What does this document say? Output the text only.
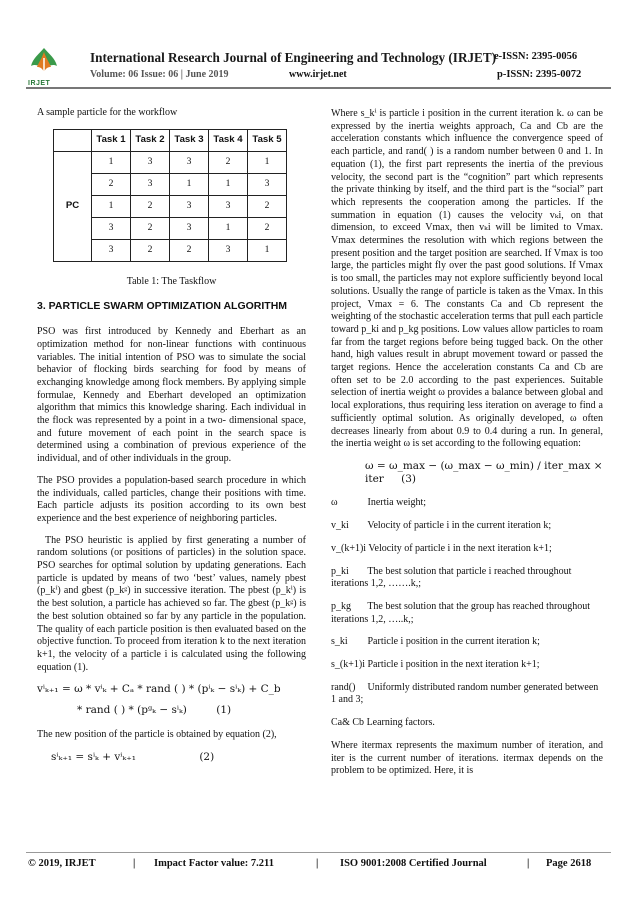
IRJET
International Research Journal of Engineering and Technology (IRJET)
e-ISSN: 2395-0056
Volume: 06 Issue: 06 | June 2019	www.irjet.net	p-ISSN: 2395-0072

A sample particle for the workflow

	Task 1	Task 2	Task 3	Task 4	Task 5
PC	1	3	3	2	1
	2	3	1	1	3
	1	2	3	3	2
	3	2	3	1	2
	3	2	2	3	1
Table 1: The Taskflow
3. PARTICLE SWARM OPTIMIZATION ALGORITHM

PSO was first introduced by Kennedy and Eberhart as an optimization method for non-linear functions with continuous variables. The initial intention of PSO was to simulate the social behavior of flocking birds searching for food by means of exchanging knowledge among flock members. By applying simple formulae, Kennedy and Eberhart developed an optimization algorithm that mimics this knowledge sharing. Each individual in the flock was represented by a point in a two- dimensional space, and future movement of each point in the search space is determined using a combination of previous experience of the individual, and of other individuals in the group.

The PSO provides a population-based search procedure in which the individuals, called particles, change their positions with time. Each particle adjusts its position according to its own best experience and the best experience of neighboring particles.

The PSO heuristic is applied by first generating a number of random solutions (or positions of particles) in the solution space. PSO searches for optimal solution by updating generations. Each particle is updated by means of two ‘best’ values, namely pbest (p_kⁱ) and gbest (p_kᵍ) in successive iteration. The pbest (p_kⁱ) is the best solution, a particle has achieved so far. The gbest (p_kᵍ) is the best solution obtained so far by any particle in the population. The quality of each particle position is then evaluated based on the objective function. To proceed from iteration k to the next iteration k+1, the velocity of a particle i is calculated using the following equation (1).

vⁱₖ₊₁ = ω * vⁱₖ + Cₐ * rand ( ) * (pⁱₖ − sⁱₖ) + C_b
* rand ( ) * (pᵍₖ − sⁱₖ)	(1)

The new position of the particle is obtained by equation (2),

sⁱₖ₊₁ = sⁱₖ + vⁱₖ₊₁	(2)

Where s_kⁱ is particle i position in the current iteration k. ω can be expressed by the inertia weights approach, Ca and Cb are the acceleration constants which influence the convergence speed of each particle, and rand( ) is a random number between 0 and 1. In equation (1), the first part represents the inertia of the previous velocity, the second part is the “cognition” part which represents the private thinking by itself, and the third part is the “social” part which represents the cooperation among the particles. If the summation in equation (1) causes the velocity vₖi, on that dimension, to exceed Vmax, then vₖi will be limited to Vmax. Vmax determines the resolution with which regions between the present position and the target position are searched. If Vmax is too large, the particles might fly over the past good solutions. If Vmax is too small, the particles may not explore sufficiently beyond local solutions. Usually the range of particle is taken as the Vmax. In this project, Vmax = 6. The constants Ca and Cb represent the weighting of the stochastic acceleration terms that pull each particle toward p_ki and p_kg positions. Low values allow particles to roam far from the target regions before being tugged back. On the other hand, high values result in abrupt movement toward or passed the target regions. Hence the acceleration constants Ca and Cb are often set to be 2.0 according to the past experiences. Suitable selection of inertia weight ω provides a balance between global and local explorations, thus requiring less iteration on average to find a sufficiently optimal solution. As originally developed, ω often decreases linearly from about 0.9 to 0.4 during a run. In general, the inertia weight ω is set according to the following equation:

ω = ω_max − (ω_max − ω_min) / iter_max × iter (3)

ω	Inertia weight;

v_ki Velocity of particle i in the current iteration k;

v_(k+1)i Velocity of particle i in the next iteration k+1;

p_ki The best solution that particle i reached throughout iterations 1,2, …….k,;

p_kg The best solution that the group has reached throughout iterations 1,2, …..k,;

s_ki Particle i position in the current iteration k;

s_(k+1)i Particle i position in the next iteration k+1;

rand() Uniformly distributed random number generated between 1 and 3;

Ca& Cb Learning factors.

Where itermax represents the maximum number of iteration, and iter is the current number of iterations. itermax depends on the problem to be optimized. Here, it is

© 2019, IRJET	| Impact Factor value: 7.211	| ISO 9001:2008 Certified Journal	| Page 2618
